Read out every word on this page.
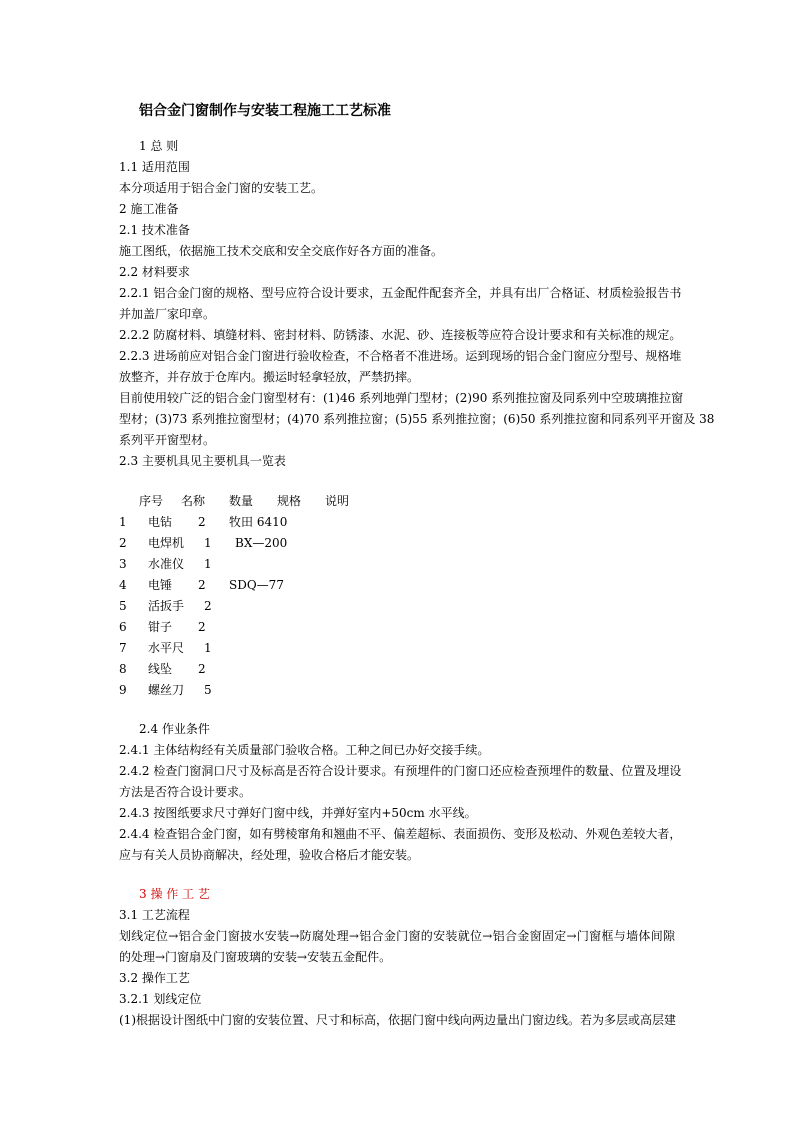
铝合金门窗制作与安装工程施工工艺标准
1 总 则
1.1 适用范围
本分项适用于铝合金门窗的安装工艺。
2 施工准备
2.1 技术准备
施工图纸，依据施工技术交底和安全交底作好各方面的准备。
2.2 材料要求
2.2.1 铝合金门窗的规格、型号应符合设计要求，五金配件配套齐全，并具有出厂合格证、材质检验报告书
并加盖厂家印章。
2.2.2 防腐材料、填缝材料、密封材料、防锈漆、水泥、砂、连接板等应符合设计要求和有关标准的规定。
2.2.3 进场前应对铝合金门窗进行验收检查，不合格者不准进场。运到现场的铝合金门窗应分型号、规格堆
放整齐，并存放于仓库内。搬运时轻拿轻放，严禁扔摔。
目前使用较广泛的铝合金门窗型材有：(1)46 系列地弹门型材；(2)90 系列推拉窗及同系列中空玻璃推拉窗
型材；(3)73 系列推拉窗型材；(4)70 系列推拉窗；(5)55 系列推拉窗；(6)50 系列推拉窗和同系列平开窗及 38
系列平开窗型材。
2.3 主要机具见主要机具一览表
序号 名称 数量 规格 说明
1 电钻 2 牧田 6410
2 电焊机 1 BX—200
3 水准仪 1
4 电锤 2 SDQ—77
5 活扳手 2
6 钳子 2
7 水平尺 1
8 线坠 2
9 螺丝刀 5
2.4 作业条件
2.4.1 主体结构经有关质量部门验收合格。工种之间已办好交接手续。
2.4.2 检查门窗洞口尺寸及标高是否符合设计要求。有预埋件的门窗口还应检查预埋件的数量、位置及埋设
方法是否符合设计要求。
2.4.3 按图纸要求尺寸弹好门窗中线，并弹好室内+50cm 水平线。
2.4.4 检查铝合金门窗，如有劈棱窜角和翘曲不平、偏差超标、表面损伤、变形及松动、外观色差较大者，
应与有关人员协商解决，经处理，验收合格后才能安装。
3 操 作 工 艺
3.1 工艺流程
划线定位→铝合金门窗披水安装→防腐处理→铝合金门窗的安装就位→铝合金窗固定→门窗框与墙体间隙
的处理→门窗扇及门窗玻璃的安装→安装五金配件。
3.2 操作工艺
3.2.1 划线定位
(1)根据设计图纸中门窗的安装位置、尺寸和标高，依据门窗中线向两边量出门窗边线。若为多层或高层建
